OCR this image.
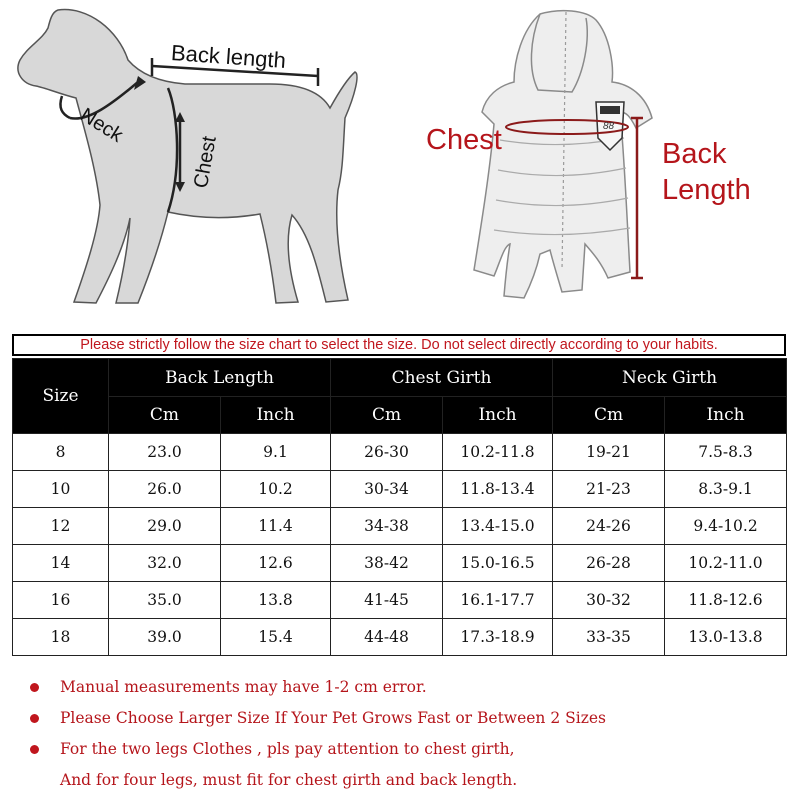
Back length
Neck
Chest
88
Chest	Back
Length
Please strictly follow the size chart to select the size. Do not select directly according to your habits.
Size	Back Length		Chest Girth		Neck Girth	
	Cm	Inch	Cm	Inch	Cm	Inch
8	23.0	9.1	26-30	10.2-11.8	19-21	7.5-8.3
10	26.0	10.2	30-34	11.8-13.4	21-23	8.3-9.1
12	29.0	11.4	34-38	13.4-15.0	24-26	9.4-10.2
14	32.0	12.6	38-42	15.0-16.5	26-28	10.2-11.0
16	35.0	13.8	41-45	16.1-17.7	30-32	11.8-12.6
18	39.0	15.4	44-48	17.3-18.9	33-35	13.0-13.8
Manual measurements may have 1-2 cm error.
Please Choose Larger Size If Your Pet Grows Fast or Between 2 Sizes
For the two legs Clothes , pls pay attention to chest girth,
And for four legs, must fit for chest girth and back length.
